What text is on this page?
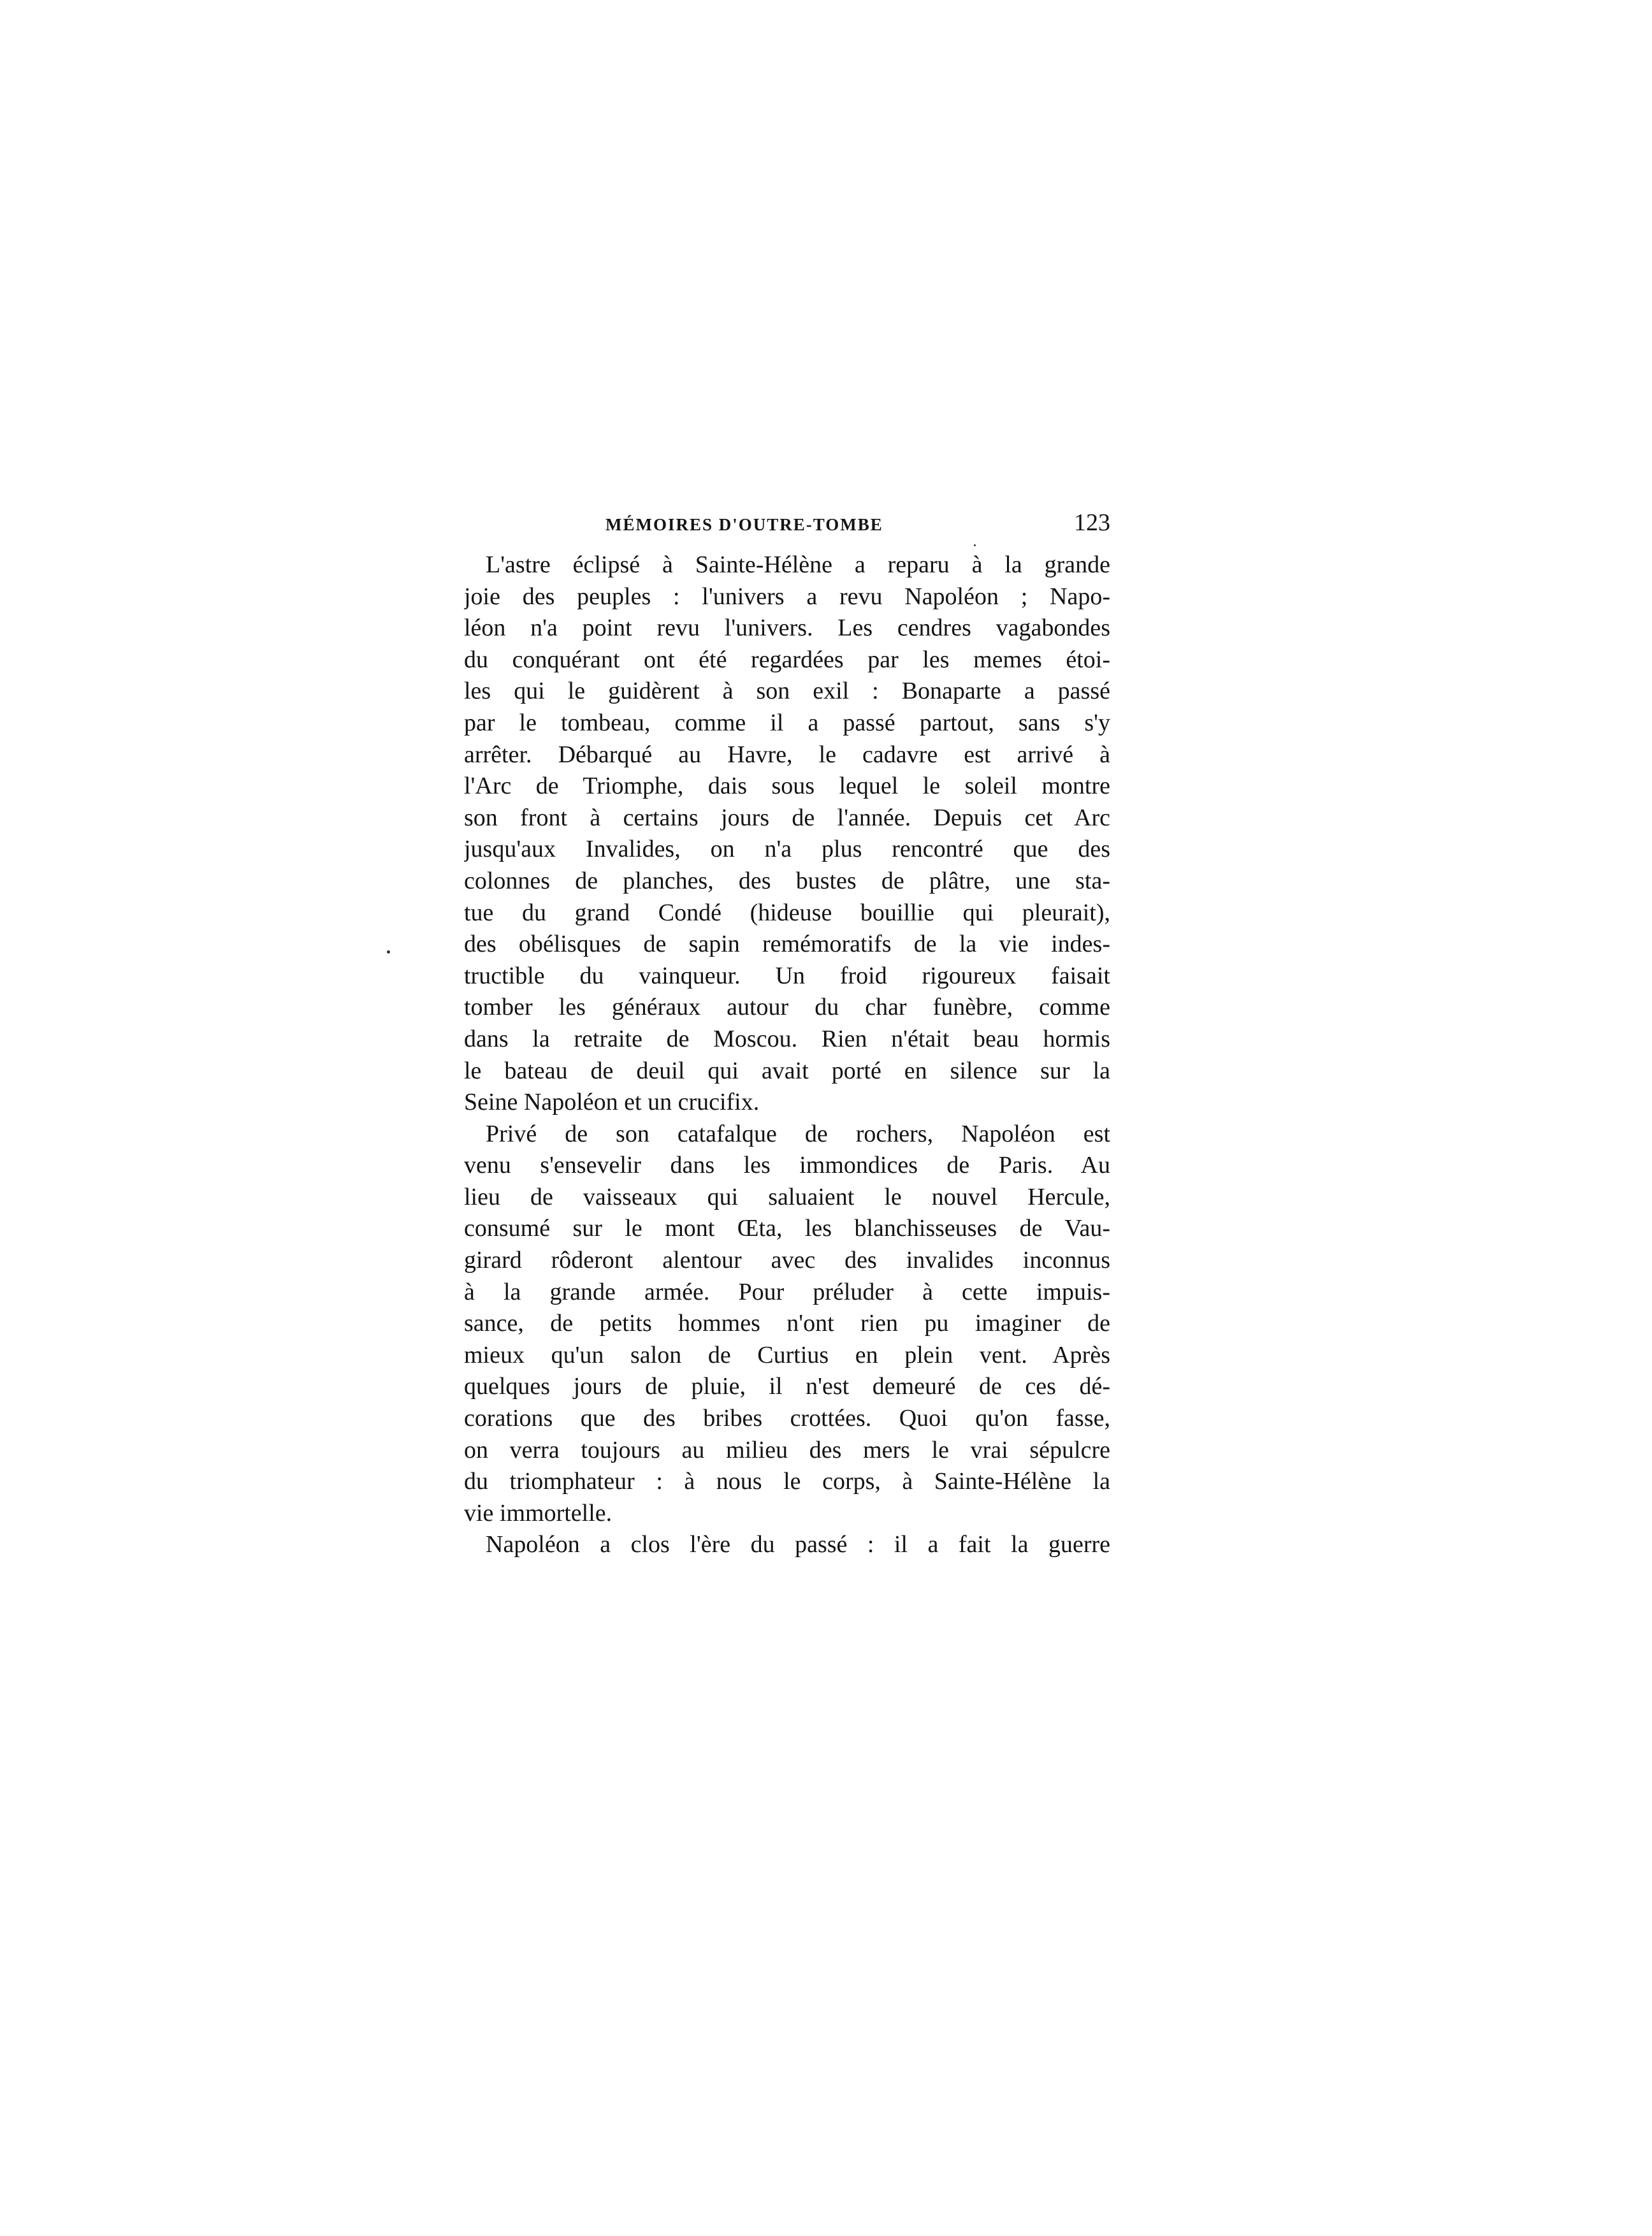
MÉMOIRES D'OUTRE-TOMBE	123
L'astre éclipsé à Sainte-Hélène a reparu à la grande
joie des peuples : l'univers a revu Napoléon ; Napo-
léon n'a point revu l'univers. Les cendres vagabondes
du conquérant ont été regardées par les memes étoi-
les qui le guidèrent à son exil : Bonaparte a passé
par le tombeau, comme il a passé partout, sans s'y
arrêter. Débarqué au Havre, le cadavre est arrivé à
l'Arc de Triomphe, dais sous lequel le soleil montre
son front à certains jours de l'année. Depuis cet Arc
jusqu'aux Invalides, on n'a plus rencontré que des
colonnes de planches, des bustes de plâtre, une sta-
tue du grand Condé (hideuse bouillie qui pleurait),
des obélisques de sapin remémoratifs de la vie indes-
tructible du vainqueur. Un froid rigoureux faisait
tomber les généraux autour du char funèbre, comme
dans la retraite de Moscou. Rien n'était beau hormis
le bateau de deuil qui avait porté en silence sur la
Seine Napoléon et un crucifix.
Privé de son catafalque de rochers, Napoléon est
venu s'ensevelir dans les immondices de Paris. Au
lieu de vaisseaux qui saluaient le nouvel Hercule,
consumé sur le mont Œta, les blanchisseuses de Vau-
girard rôderont alentour avec des invalides inconnus
à la grande armée. Pour préluder à cette impuis-
sance, de petits hommes n'ont rien pu imaginer de
mieux qu'un salon de Curtius en plein vent. Après
quelques jours de pluie, il n'est demeuré de ces dé-
corations que des bribes crottées. Quoi qu'on fasse,
on verra toujours au milieu des mers le vrai sépulcre
du triomphateur : à nous le corps, à Sainte-Hélène la
vie immortelle.
Napoléon a clos l'ère du passé : il a fait la guerre
